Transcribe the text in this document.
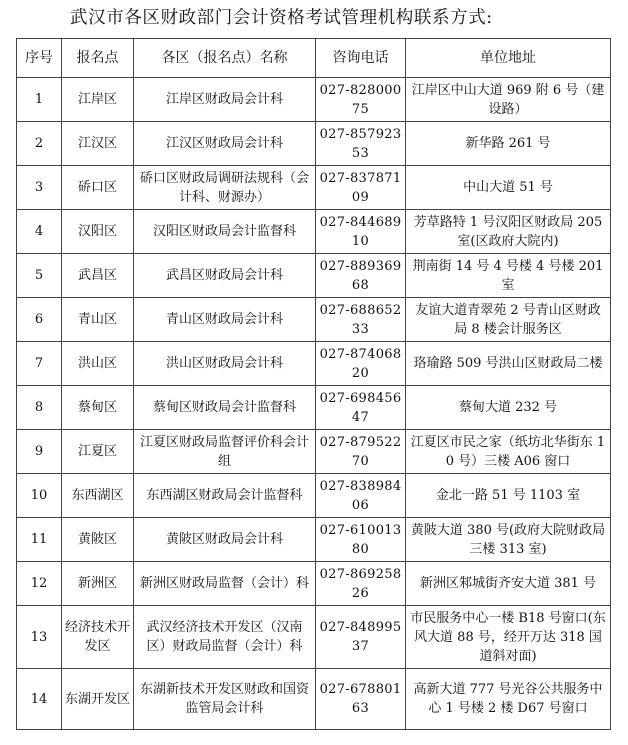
武汉市各区财政部门会计资格考试管理机构联系方式:
序号	报名点	各区（报名点）名称	咨询电话	单位地址
1	江岸区	江岸区财政局会计科	027-82800075	江岸区中山大道 969 附 6 号（建设路）
2	江汉区	江汉区财政局会计科	027-85792353	新华路 261 号
3	硚口区	硚口区财政局调研法规科（会计科、财源办）	027-83787109	中山大道 51 号
4	汉阳区	汉阳区财政局会计监督科	027-84468910	芳草路特 1 号汉阳区财政局 205 室(区政府大院内)
5	武昌区	武昌区财政局会计科	027-88936968	荆南街 14 号 4 号楼 4 号楼 201 室
6	青山区	青山区财政局会计科	027-68865233	友谊大道青翠苑 2 号青山区财政局 8 楼会计服务区
7	洪山区	洪山区财政局会计科	027-87406820	珞瑜路 509 号洪山区财政局二楼
8	蔡甸区	蔡甸区财政局会计监督科	027-69845647	蔡甸大道 232 号
9	江夏区	江夏区财政局监督评价科会计组	027-87952270	江夏区市民之家（纸坊北华街东 10 号）三楼 A06 窗口
10	东西湖区	东西湖区财政局会计监督科	027-83898406	金北一路 51 号 1103 室
11	黄陂区	黄陂区财政局会计科	027-61001380	黄陂大道 380 号(政府大院财政局三楼 313 室)
12	新洲区	新洲区财政局监督（会计）科	027-86925826	新洲区邾城街齐安大道 381 号
13	经济技术开发区	武汉经济技术开发区（汉南区）财政局监督（会计）科	027-84899537	市民服务中心一楼 B18 号窗口(东风大道 88 号，经开万达 318 国道斜对面)
14	东湖开发区	东湖新技术开发区财政和国资监管局会计科	027-67880163	高新大道 777 号光谷公共服务中心 1 号楼 2 楼 D67 号窗口
